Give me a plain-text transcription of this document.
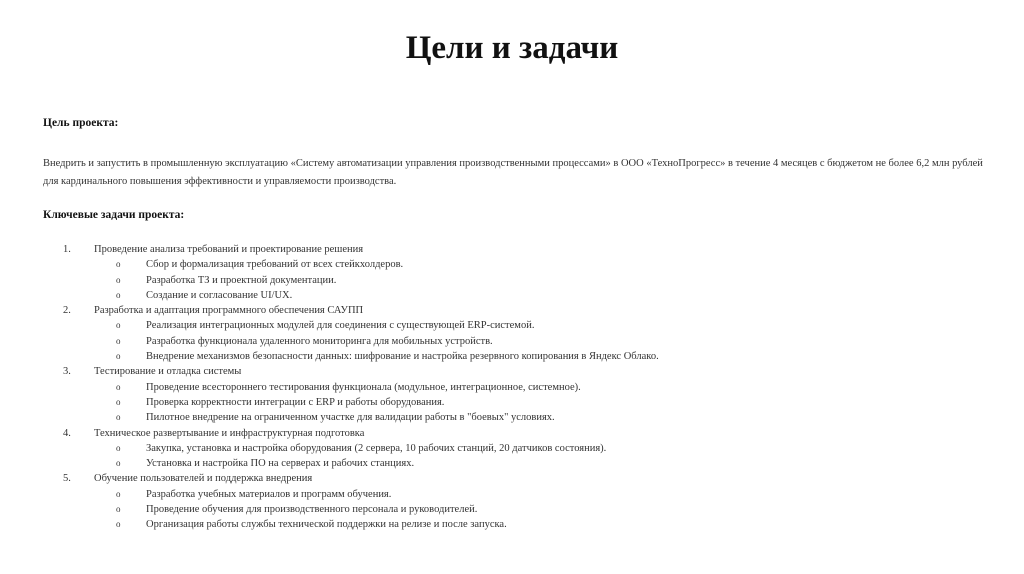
Цели и задачи
Цель проекта:
Внедрить и запустить в промышленную эксплуатацию «Систему автоматизации управления производственными процессами» в ООО «ТехноПрогресс» в течение 4 месяцев с бюджетом не более 6,2 млн рублей для кардинального повышения эффективности и управляемости производства.
Ключевые задачи проекта:
1. Проведение анализа требований и проектирование решения
o Сбор и формализация требований от всех стейкхолдеров.
o Разработка ТЗ и проектной документации.
o Создание и согласование UI/UX.
2. Разработка и адаптация программного обеспечения САУПП
o Реализация интеграционных модулей для соединения с существующей ERP-системой.
o Разработка функционала удаленного мониторинга для мобильных устройств.
o Внедрение механизмов безопасности данных: шифрование и настройка резервного копирования в Яндекс Облако.
3. Тестирование и отладка системы
o Проведение всестороннего тестирования функционала (модульное, интеграционное, системное).
o Проверка корректности интеграции с ERP и работы оборудования.
o Пилотное внедрение на ограниченном участке для валидации работы в "боевых" условиях.
4. Техническое развертывание и инфраструктурная подготовка
o Закупка, установка и настройка оборудования (2 сервера, 10 рабочих станций, 20 датчиков состояния).
o Установка и настройка ПО на серверах и рабочих станциях.
5. Обучение пользователей и поддержка внедрения
o Разработка учебных материалов и программ обучения.
o Проведение обучения для производственного персонала и руководителей.
o Организация работы службы технической поддержки на релизе и после запуска.
